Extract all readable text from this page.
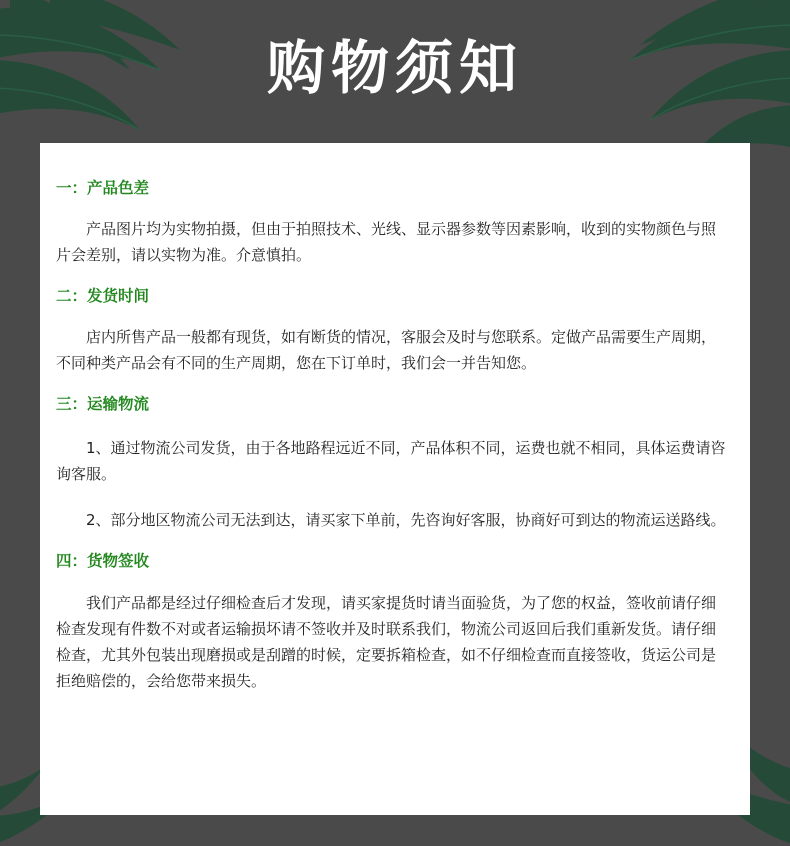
购物须知

一：产品色差

产品图片均为实物拍摄，但由于拍照技术、光线、显示器参数等因素影响，收到的实物颜色与照片会差别，请以实物为准。介意慎拍。

二：发货时间

店内所售产品一般都有现货，如有断货的情况，客服会及时与您联系。定做产品需要生产周期，不同种类产品会有不同的生产周期，您在下订单时，我们会一并告知您。

三：运输物流

1、通过物流公司发货，由于各地路程远近不同，产品体积不同，运费也就不相同，具体运费请咨询客服。

2、部分地区物流公司无法到达，请买家下单前，先咨询好客服，协商好可到达的物流运送路线。

四：货物签收

我们产品都是经过仔细检查后才发现，请买家提货时请当面验货，为了您的权益，签收前请仔细检查发现有件数不对或者运输损坏请不签收并及时联系我们，物流公司返回后我们重新发货。请仔细检查，尤其外包装出现磨损或是刮蹭的时候，定要拆箱检查，如不仔细检查而直接签收，货运公司是拒绝赔偿的，会给您带来损失。
